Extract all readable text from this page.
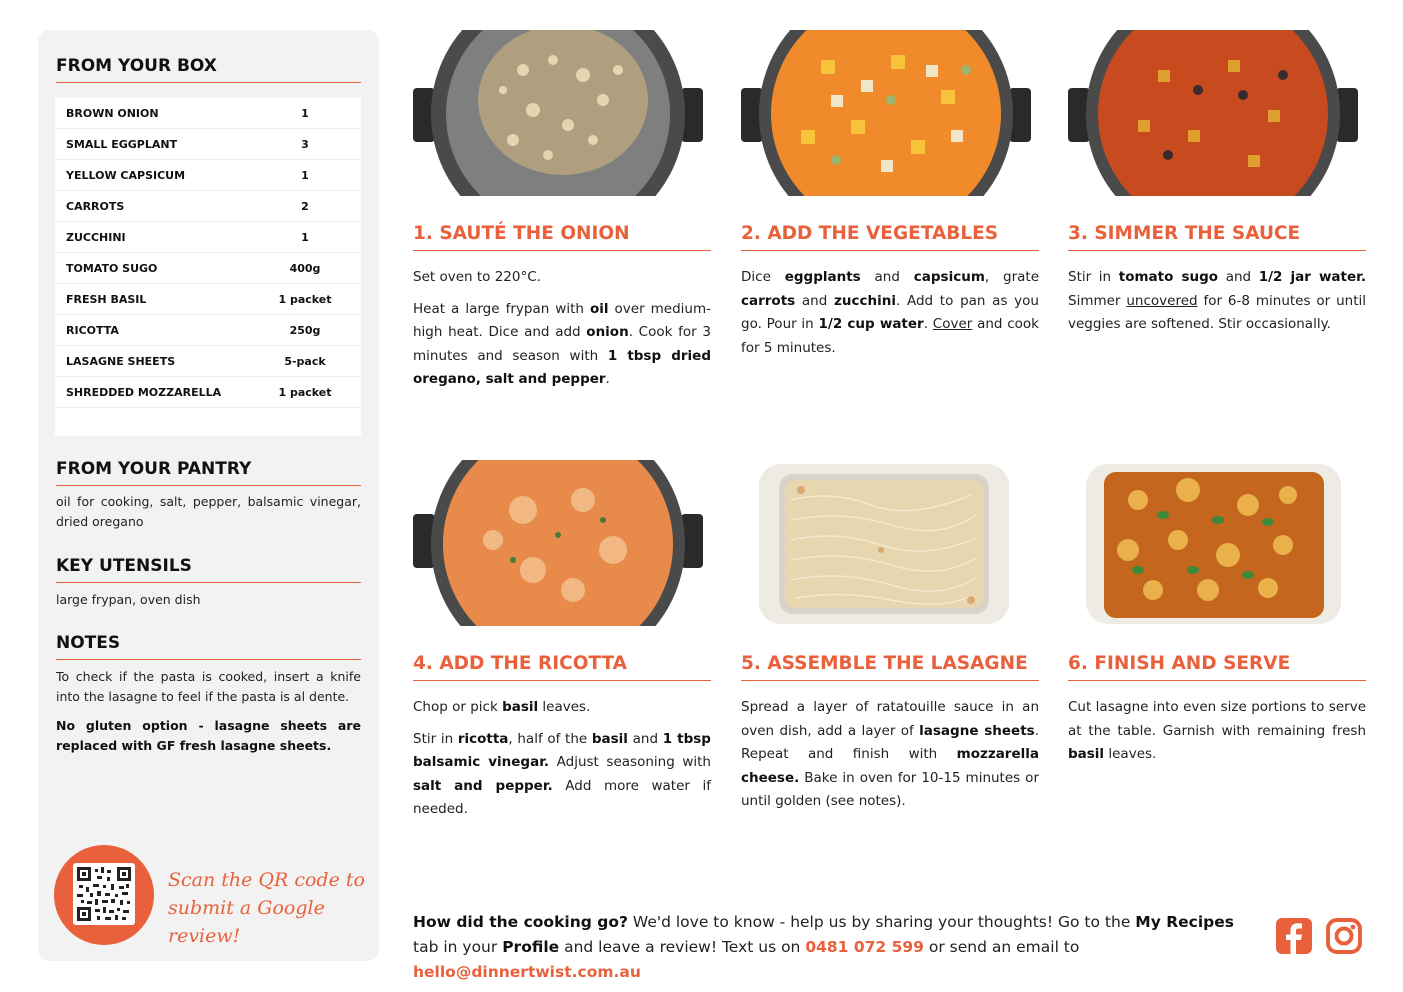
FROM YOUR BOX
BROWN ONION	1
SMALL EGGPLANT	3
YELLOW CAPSICUM	1
CARROTS	2
ZUCCHINI	1
TOMATO SUGO	400g
FRESH BASIL	1 packet
RICOTTA	250g
LASAGNE SHEETS	5-pack
SHREDDED MOZZARELLA	1 packet
FROM YOUR PANTRY
oil for cooking, salt, pepper, balsamic vinegar, dried oregano
KEY UTENSILS
large frypan, oven dish
NOTES
To check if the pasta is cooked, insert a knife into the lasagne to feel if the pasta is al dente.
No gluten option - lasagne sheets are replaced with GF fresh lasagne sheets.
Scan the QR code to
submit a Google review!
1. SAUTÉ THE ONION	2. ADD THE VEGETABLES	3. SIMMER THE SAUCE
4. ADD THE RICOTTA	5. ASSEMBLE THE LASAGNE	6. FINISH AND SERVE

Set oven to 220°C.

Heat a large frypan with oil over medium-high heat. Dice and add onion. Cook for 3 minutes and season with 1 tbsp dried oregano, salt and pepper.

Dice eggplants and capsicum, grate carrots and zucchini. Add to pan as you go. Pour in 1/2 cup water. Cover and cook for 5 minutes.

Stir in tomato sugo and 1/2 jar water. Simmer uncovered for 6-8 minutes or until veggies are softened. Stir occasionally.

Chop or pick basil leaves.

Stir in ricotta, half of the basil and 1 tbsp balsamic vinegar. Adjust seasoning with salt and pepper. Add more water if needed.

Spread a layer of ratatouille sauce in an oven dish, add a layer of lasagne sheets. Repeat and finish with mozzarella cheese. Bake in oven for 10-15 minutes or until golden (see notes).

Cut lasagne into even size portions to serve at the table. Garnish with remaining fresh basil leaves.

How did the cooking go? We'd love to know - help us by sharing your thoughts! Go to the My Recipes tab in your Profile and leave a review! Text us on 0481 072 599 or send an email to hello@dinnertwist.com.au
